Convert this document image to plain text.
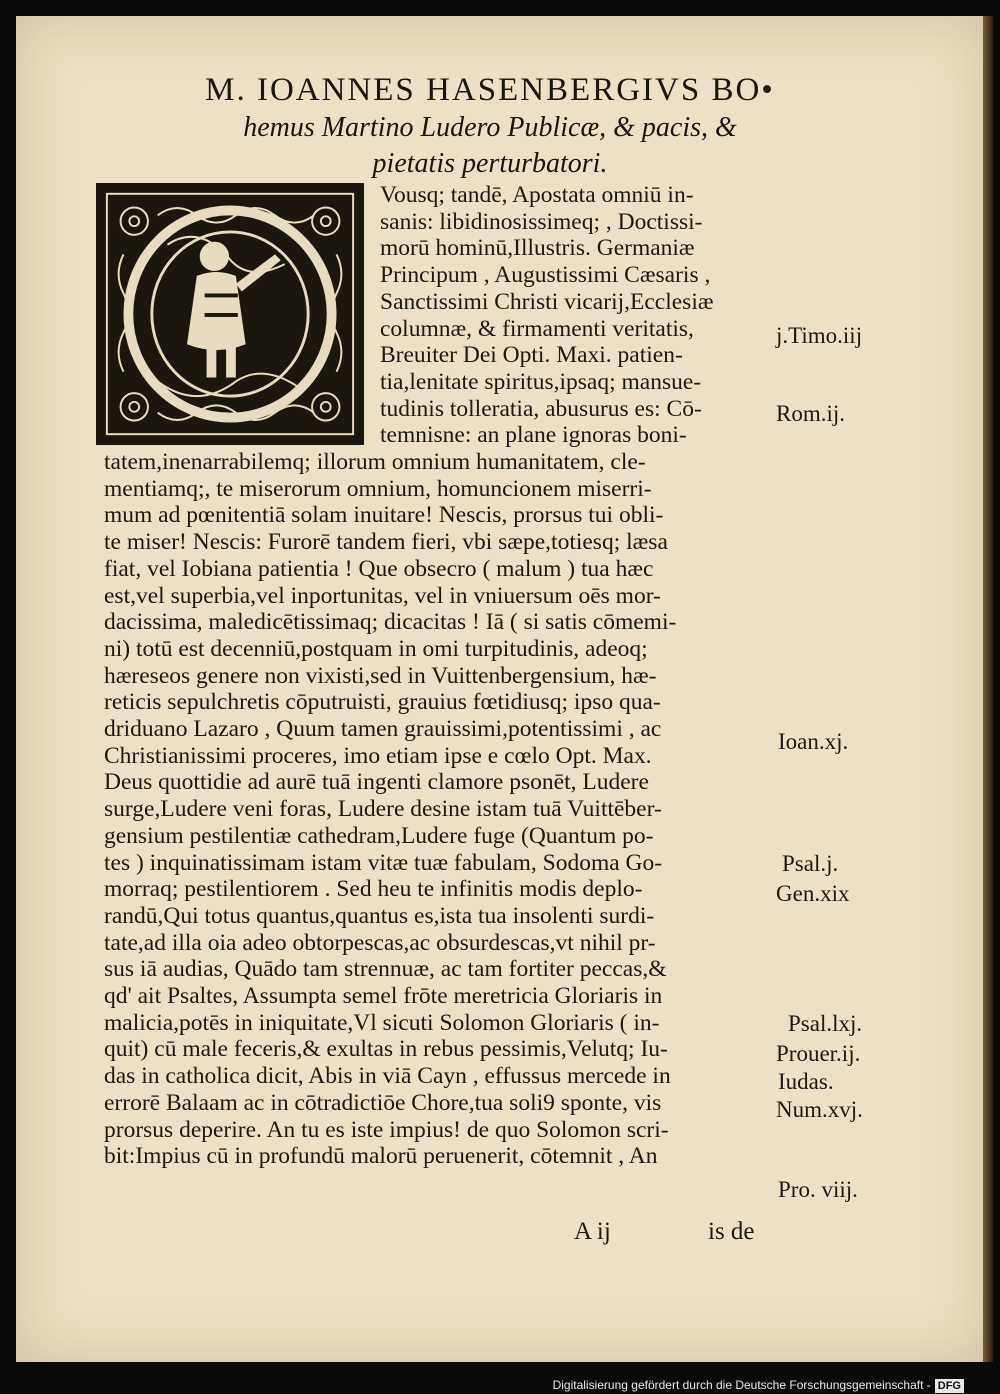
M. IOANNES HASENBERGIVS BO•
hemus Martino Ludero Publicæ, & pacis, &
pietatis perturbatori.
Vousq; tandē, Apostata omniū in-
sanis: libidinosissimeq; , Doctissi-
morū hominū,Illustris. Germaniæ
Principum , Augustissimi Cæsaris ,
Sanctissimi Christi vicarij,Ecclesiæ
columnæ, & firmamenti veritatis,
Breuiter Dei Opti. Maxi. patien-
tia,lenitate spiritus,ipsaq; mansue-
tudinis tolleratia, abusurus es: Cō-
temnisne: an plane ignoras boni-
tatem,inenarrabilemq; illorum omnium humanitatem, cle-
mentiamq;, te miserorum omnium, homuncionem miserri-
mum ad pœnitentiā solam inuitare! Nescis, prorsus tui obli-
te miser! Nescis: Furorē tandem fieri, vbi sæpe,totiesq; læsa
fiat, vel Iobiana patientia ! Que obsecro ( malum ) tua hæc
est,vel superbia,vel inportunitas, vel in vniuersum oēs mor-
dacissima, maledicētissimaq; dicacitas ! Iā ( si satis cōmemi-
ni) totū est decenniū,postquam in omi turpitudinis, adeoq;
hæreseos genere non vixisti,sed in Vuittenbergensium, hæ-
reticis sepulchretis cōputruisti, grauius fœtidiusq; ipso qua-
driduano Lazaro , Quum tamen grauissimi,potentissimi , ac
Christianissimi proceres, imo etiam ipse e cœlo Opt. Max.
Deus quottidie ad aurē tuā ingenti clamore psonēt, Ludere
surge,Ludere veni foras, Ludere desine istam tuā Vuittēber-
gensium pestilentiæ cathedram,Ludere fuge (Quantum po-
tes ) inquinatissimam istam vitæ tuæ fabulam, Sodoma Go-
morraq; pestilentiorem . Sed heu te infinitis modis deplo-
randū,Qui totus quantus,quantus es,ista tua insolenti surdi-
tate,ad illa oia adeo obtorpescas,ac obsurdescas,vt nihil pr-
sus iā audias, Quādo tam strennuæ, ac tam fortiter peccas,&
qd' ait Psaltes, Assumpta semel frōte meretricia Gloriaris in
malicia,potēs in iniquitate,Vl sicuti Solomon Gloriaris ( in-
quit) cū male feceris,& exultas in rebus pessimis,Velutq; Iu-
das in catholica dicit, Abis in viā Cayn , effussus mercede in
errorē Balaam ac in cōtradictiōe Chore,tua soli9 sponte, vis
prorsus deperire. An tu es iste impius! de quo Solomon scri-
bit:Impius cū in profundū malorū peruenerit, cōtemnit , An
j.Timo.iij
Rom.ij.
Ioan.xj.
Psal.j.
Gen.xix
Psal.lxj.
Prouer.ij.
Iudas.
Num.xvj.
Pro. viij.
A ij	is de
Digitalisierung gefördert durch die Deutsche Forschungsgemeinschaft - DFG
